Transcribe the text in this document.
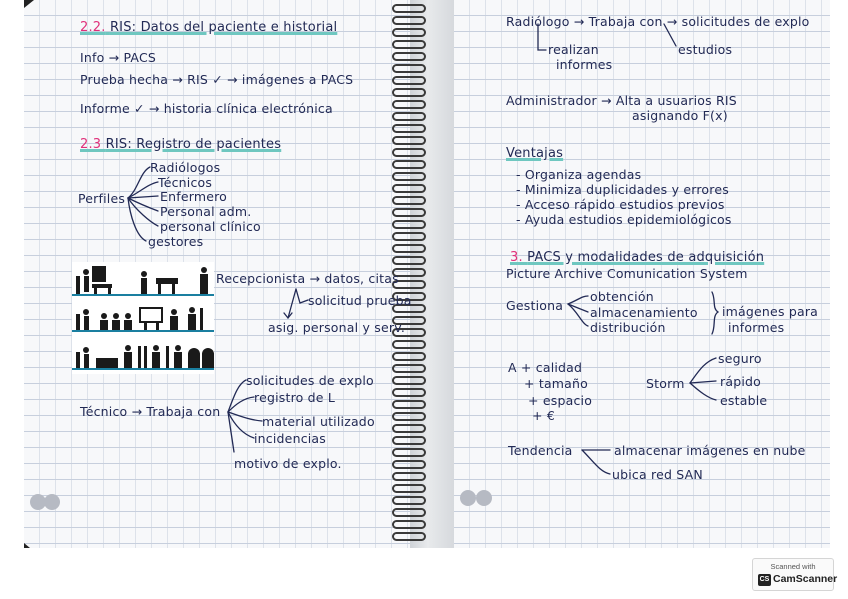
2.2. RIS: Datos del paciente e historial
Info → PACS
Prueba hecha → RIS ✓ → imágenes a PACS
Informe ✓ → historia clínica electrónica
2.3 RIS: Registro de pacientes
Perfiles
Radiólogos
Técnicos
Enfermero
Personal adm.
personal clínico
gestores
Recepcionista → datos, citas
solicitud prueba
asig. personal y serv.
Técnico → Trabaja con
solicitudes de explo
registro de L
material utilizado
incidencias
motivo de explo.
Radiólogo → Trabaja con → solicitudes de explo
realizan
informes
estudios
Administrador → Alta a usuarios RIS
asignando F(x)
Ventajas
- Organiza agendas
- Minimiza duplicidades y errores
- Acceso rápido estudios previos
- Ayuda estudios epidemiológicos
3. PACS y modalidades de adquisición
Picture Archive Comunication System
Gestiona
obtención
almacenamiento
distribución
imágenes para
informes
A + calidad
+ tamaño
+ espacio
+ €
Storm
seguro
rápido
estable
Tendencia	almacenar imágenes en nube
ubica red SAN
Scanned with
CS CamScanner
